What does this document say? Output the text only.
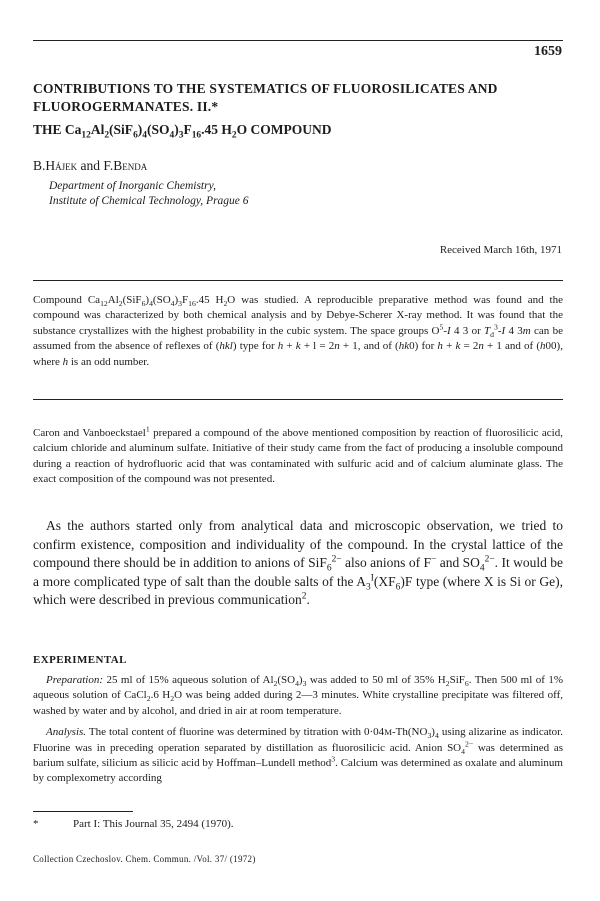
1659
CONTRIBUTIONS TO THE SYSTEMATICS OF FLUOROSILICATES AND FLUOROGERMANATES. II.*
THE $Ca_{12}Al_2(SiF_6)_4(SO_4)_3F_{16}.45$ $H_2O$ COMPOUND
B.Hájek and F.Benda
Department of Inorganic Chemistry,
Institute of Chemical Technology, Prague 6
Received March 16th, 1971
Compound $Ca_{12}Al_2(SiF_6)_4(SO_4)_3F_{16}.45$ $H_2O$ was studied. A reproducible preparative method was found and the compound was characterized by both chemical analysis and by Debye-Scherer X-ray method. It was found that the substance crystallizes with the highest probability in the cubic system. The space groups $O^5-I$ 4 3 or $T_d^3-I$ 4 3m can be assumed from the absence of reflexes of (hkl) type for h + k + l = 2n + 1, and of (hk0) for h + k = 2n + 1 and of (h00), where h is an odd number.
Caron and Vanboeckstael$^1$ prepared a compound of the above mentioned composition by reaction of fluorosilicic acid, calcium chloride and aluminum sulfate. Initiative of their study came from the fact of producing a insoluble compound during a reaction of hydrofluoric acid that was contaminated with sulfuric acid and of calcium aluminate glass. The exact composition of the compound was not presented.

As the authors started only from analytical data and microscopic observation, we tried to confirm existence, composition and individuality of the compound. In the crystal lattice of the compound there should be in addition to anions of SiF$_6^{2-}$ also anions of F− and $SO_4^{2-}$. It would be a more complicated type of salt than the double salts of the $A_3^I(XF_6)F$ type (where X is Si or Ge), which were described in previous communication$^2$.

EXPERIMENTAL

Preparation: 25 ml of 15% aqueous solution of $Al_2(SO_4)_3$ was added to 50 ml of 35% $H_2SiF_6$. Then 500 ml of 1% aqueous solution of CaCl$_2$.6 $H_2O$ was being added during 2—3 minutes. White crystalline precipitate was filtered off, washed by water and by alcohol, and dried in air at room temperature.

Analysis. The total content of fluorine was determined by titration with $0\cdot 04M-Th(NO_3)_4$ using alizarine as indicator. Fluorine was in preceding operation separated by distillation as fluorosilicic acid. Anion $SO_4^{2-}$ was determined as barium sulfate, silicium as silicic acid by Hoffman–Lundell method$^3$. Calcium was determined as oxalate and aluminum by complexometry according

*	Part I: This Journal 35, 2494 (1970).
Collection Czechoslov. Chem. Commun. /Vol. 37/ (1972)
